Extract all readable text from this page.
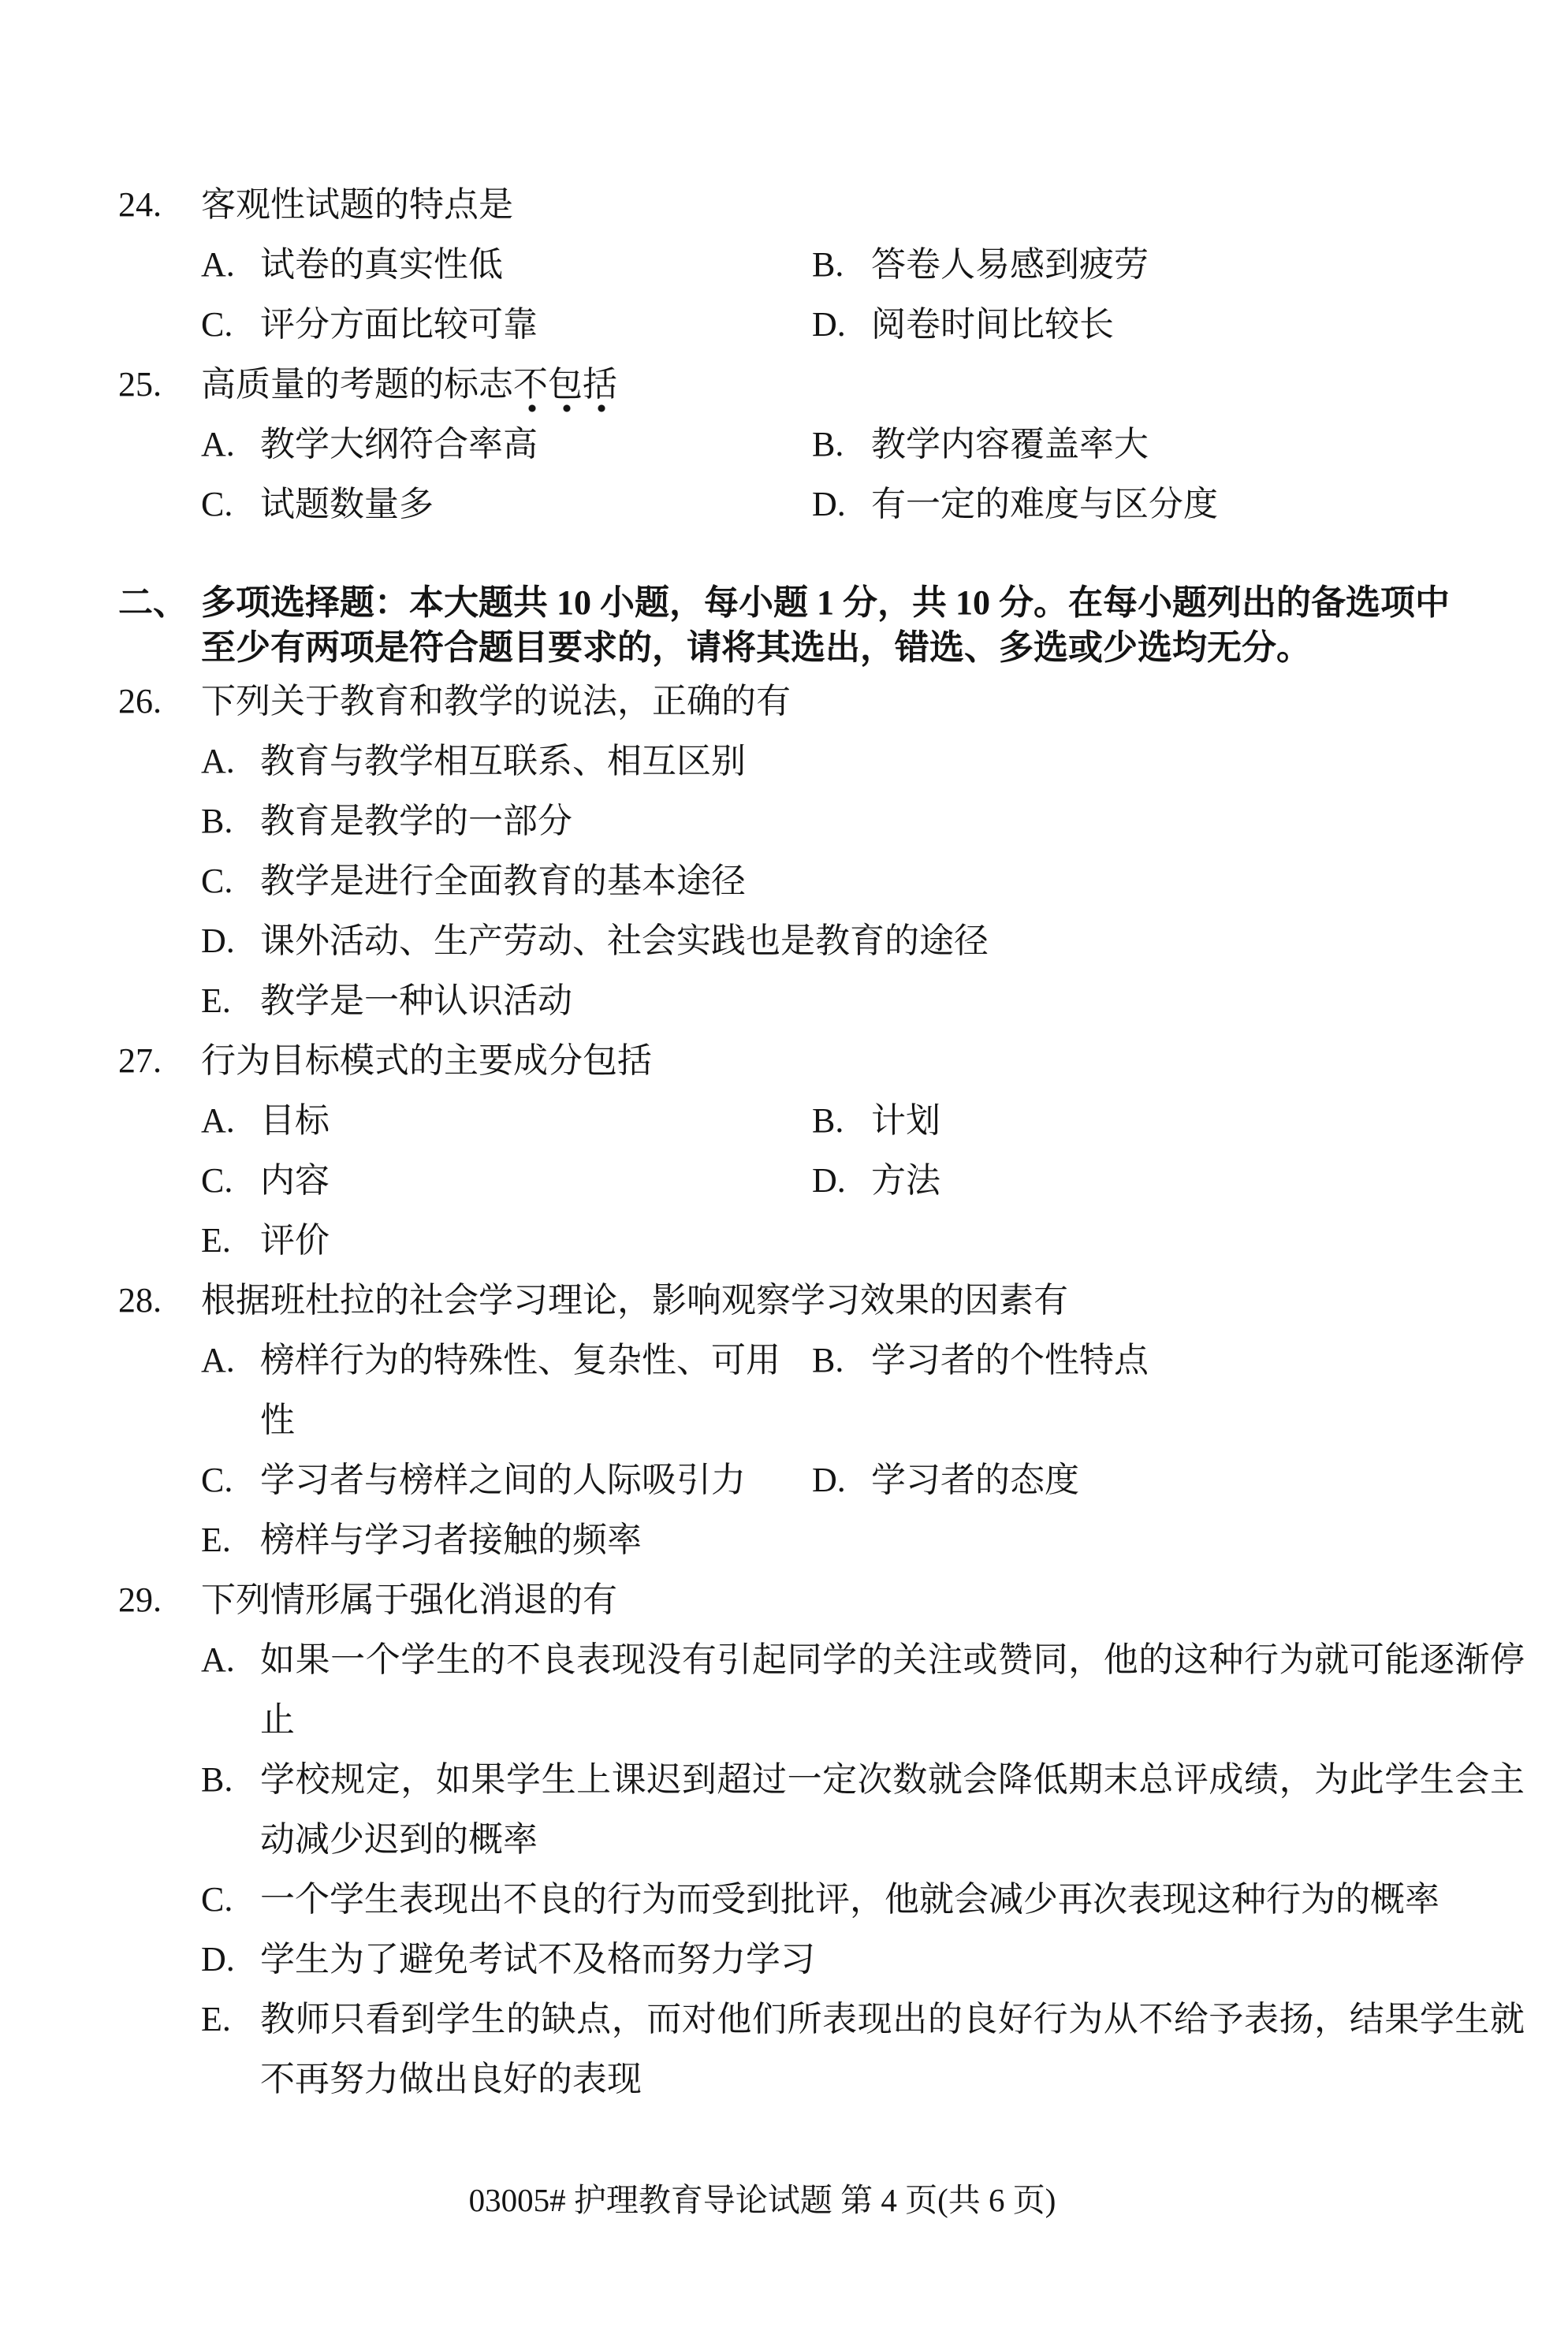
24.	客观性试题的特点是
A. 试卷的真实性低	B. 答卷人易感到疲劳
C. 评分方面比较可靠	D. 阅卷时间比较长
25.	高质量的考题的标志不包括
A. 教学大纲符合率高	B. 教学内容覆盖率大
C. 试题数量多	D. 有一定的难度与区分度
二、 多项选择题：本大题共 10 小题，每小题 1 分，共 10 分。在每小题列出的备选项中
至少有两项是符合题目要求的，请将其选出，错选、多选或少选均无分。
26.	下列关于教育和教学的说法，正确的有
A. 教育与教学相互联系、相互区别
B. 教育是教学的一部分
C. 教学是进行全面教育的基本途径
D. 课外活动、生产劳动、社会实践也是教育的途径
E. 教学是一种认识活动
27.	行为目标模式的主要成分包括
A. 目标	B. 计划
C. 内容	D. 方法
E. 评价
28.	根据班杜拉的社会学习理论，影响观察学习效果的因素有
A. 榜样行为的特殊性、复杂性、可用性
B. 学习者的个性特点
C. 学习者与榜样之间的人际吸引力	D. 学习者的态度
E. 榜样与学习者接触的频率
29.	下列情形属于强化消退的有
A. 如果一个学生的不良表现没有引起同学的关注或赞同，他的这种行为就可能逐渐停止
B. 学校规定，如果学生上课迟到超过一定次数就会降低期末总评成绩，为此学生会主动减少迟到的概率
C. 一个学生表现出不良的行为而受到批评，他就会减少再次表现这种行为的概率
D. 学生为了避免考试不及格而努力学习
E. 教师只看到学生的缺点，而对他们所表现出的良好行为从不给予表扬，结果学生就不再努力做出良好的表现
03005# 护理教育导论试题 第 4 页(共 6 页)
